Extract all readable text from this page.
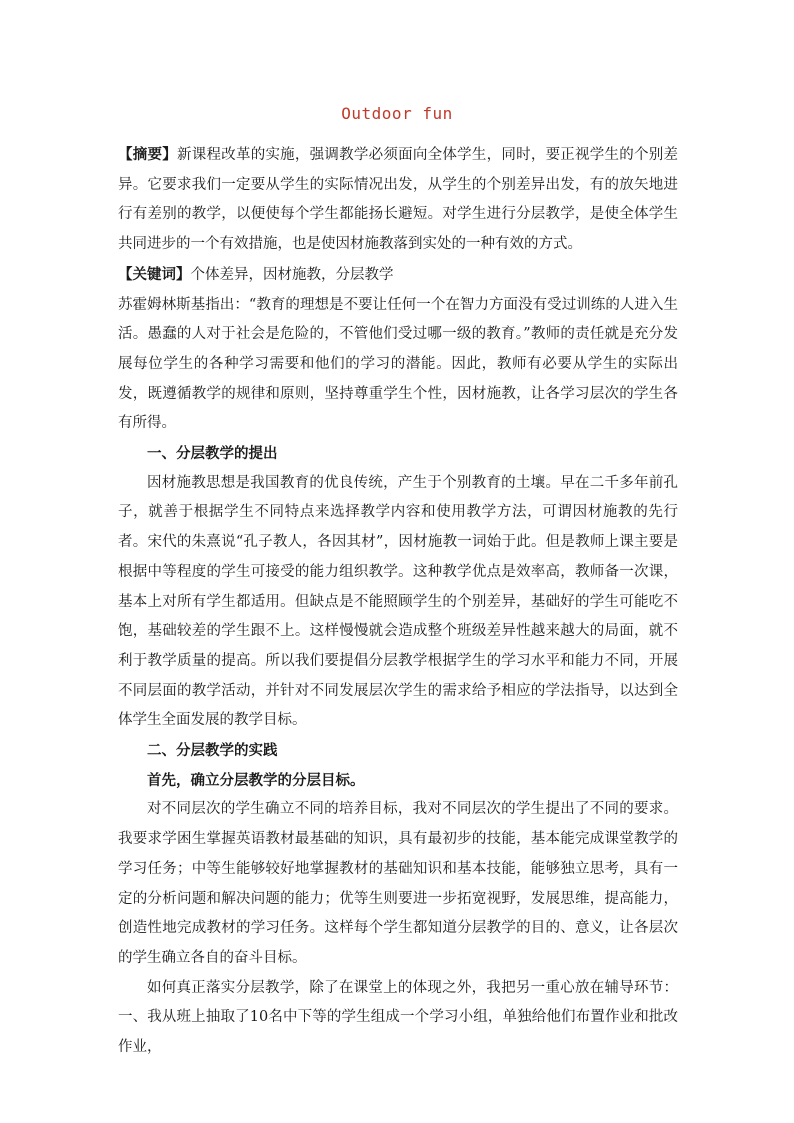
Outdoor fun

【摘要】新课程改革的实施，强调教学必须面向全体学生，同时，要正视学生的个别差异。它要求我们一定要从学生的实际情况出发，从学生的个别差异出发，有的放矢地进行有差别的教学，以便使每个学生都能扬长避短。对学生进行分层教学，是使全体学生共同进步的一个有效措施，也是使因材施教落到实处的一种有效的方式。

【关键词】个体差异，因材施教，分层教学

苏霍姆林斯基指出：“教育的理想是不要让任何一个在智力方面没有受过训练的人进入生活。愚蠢的人对于社会是危险的，不管他们受过哪一级的教育。”教师的责任就是充分发展每位学生的各种学习需要和他们的学习的潜能。因此，教师有必要从学生的实际出发，既遵循教学的规律和原则，坚持尊重学生个性，因材施教，让各学习层次的学生各有所得。

一、分层教学的提出

因材施教思想是我国教育的优良传统，产生于个别教育的土壤。早在二千多年前孔子，就善于根据学生不同特点来选择教学内容和使用教学方法，可谓因材施教的先行者。宋代的朱熹说“孔子教人，各因其材”，因材施教一词始于此。但是教师上课主要是根据中等程度的学生可接受的能力组织教学。这种教学优点是效率高，教师备一次课，基本上对所有学生都适用。但缺点是不能照顾学生的个别差异，基础好的学生可能吃不饱，基础较差的学生跟不上。这样慢慢就会造成整个班级差异性越来越大的局面，就不利于教学质量的提高。所以我们要提倡分层教学根据学生的学习水平和能力不同，开展不同层面的教学活动，并针对不同发展层次学生的需求给予相应的学法指导，以达到全体学生全面发展的教学目标。

二、分层教学的实践

首先，确立分层教学的分层目标。

对不同层次的学生确立不同的培养目标，我对不同层次的学生提出了不同的要求。我要求学困生掌握英语教材最基础的知识，具有最初步的技能，基本能完成课堂教学的学习任务；中等生能够较好地掌握教材的基础知识和基本技能，能够独立思考，具有一定的分析问题和解决问题的能力；优等生则要进一步拓宽视野，发展思维，提高能力，创造性地完成教材的学习任务。这样每个学生都知道分层教学的目的、意义，让各层次的学生确立各自的奋斗目标。

如何真正落实分层教学，除了在课堂上的体现之外，我把另一重心放在辅导环节：一、我从班上抽取了10名中下等的学生组成一个学习小组，单独给他们布置作业和批改作业，
